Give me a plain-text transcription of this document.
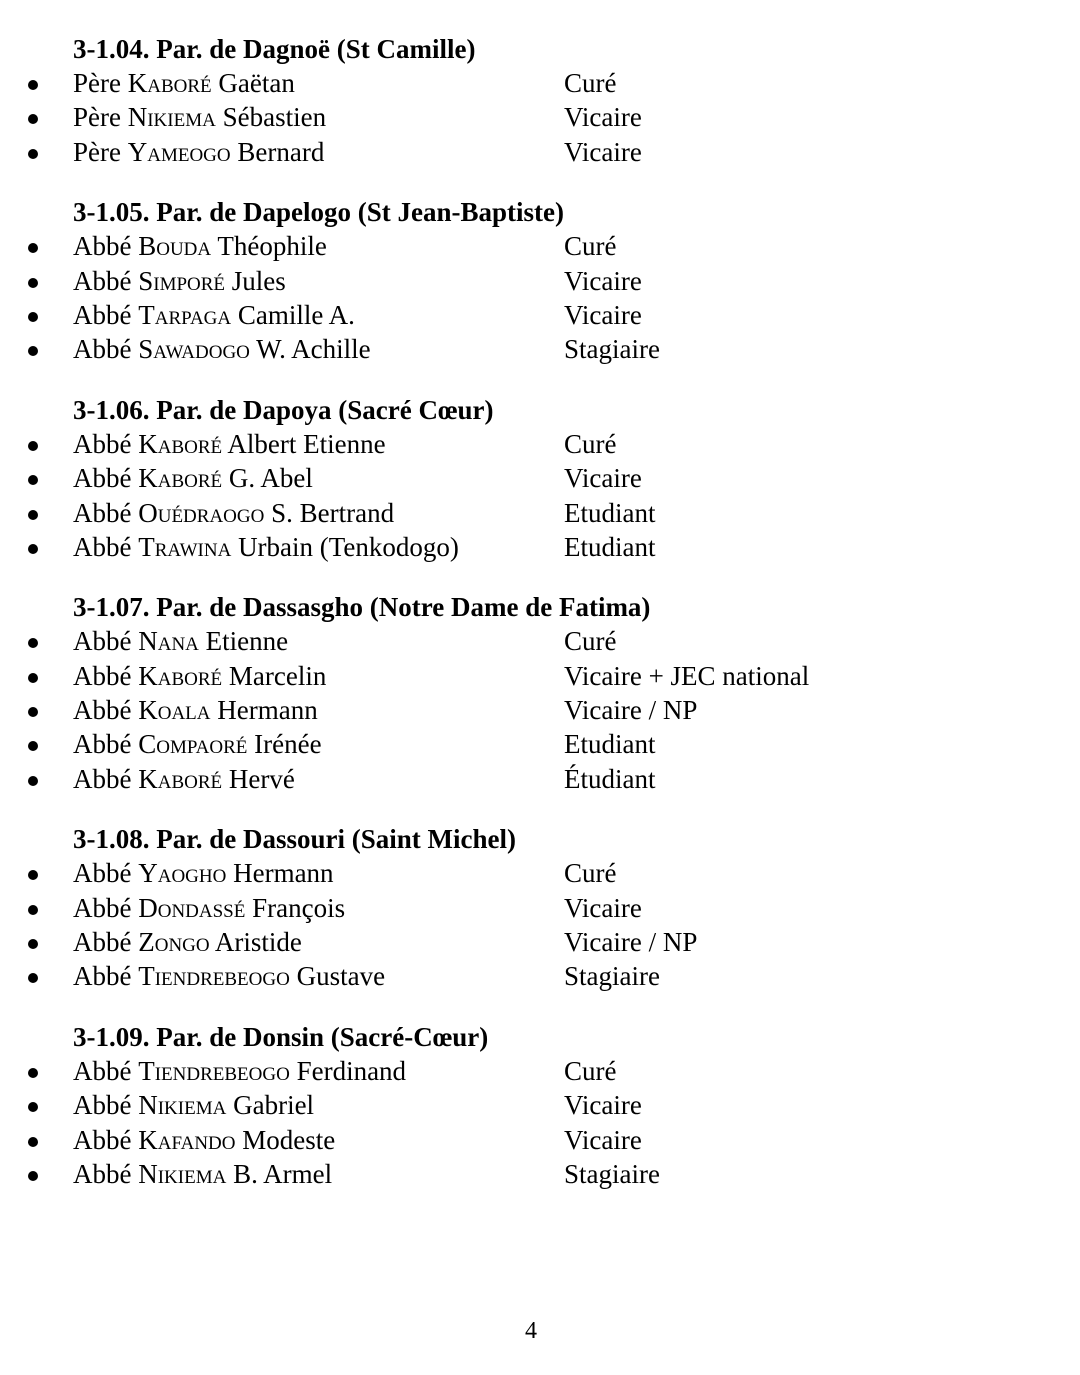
3-1.04. Par. de Dagnoë (St Camille)
Père Kaboré Gaëtan	Curé
Père Nikiema Sébastien	Vicaire
Père Yameogo Bernard	Vicaire
3-1.05. Par. de Dapelogo (St Jean-Baptiste)
Abbé Bouda Théophile	Curé
Abbé Simporé Jules	Vicaire
Abbé Tarpaga Camille A.	Vicaire
Abbé Sawadogo W. Achille	Stagiaire
3-1.06. Par. de Dapoya (Sacré Cœur)
Abbé Kaboré Albert Etienne	Curé
Abbé Kaboré G. Abel	Vicaire
Abbé Ouédraogo S. Bertrand	Etudiant
Abbé Trawina Urbain (Tenkodogo)	Etudiant
3-1.07. Par. de Dassasgho (Notre Dame de Fatima)
Abbé Nana Etienne	Curé
Abbé Kaboré Marcelin	Vicaire + JEC national
Abbé Koala Hermann	Vicaire / NP
Abbé Compaoré Irénée	Etudiant
Abbé Kaboré Hervé	Étudiant
3-1.08. Par. de Dassouri (Saint Michel)
Abbé Yaogho Hermann	Curé
Abbé Dondassé François	Vicaire
Abbé Zongo Aristide	Vicaire / NP
Abbé Tiendrebeogo Gustave	Stagiaire
3-1.09. Par. de Donsin (Sacré-Cœur)
Abbé Tiendrebeogo Ferdinand	Curé
Abbé Nikiema Gabriel	Vicaire
Abbé Kafando Modeste	Vicaire
Abbé Nikiema B. Armel	Stagiaire
4
